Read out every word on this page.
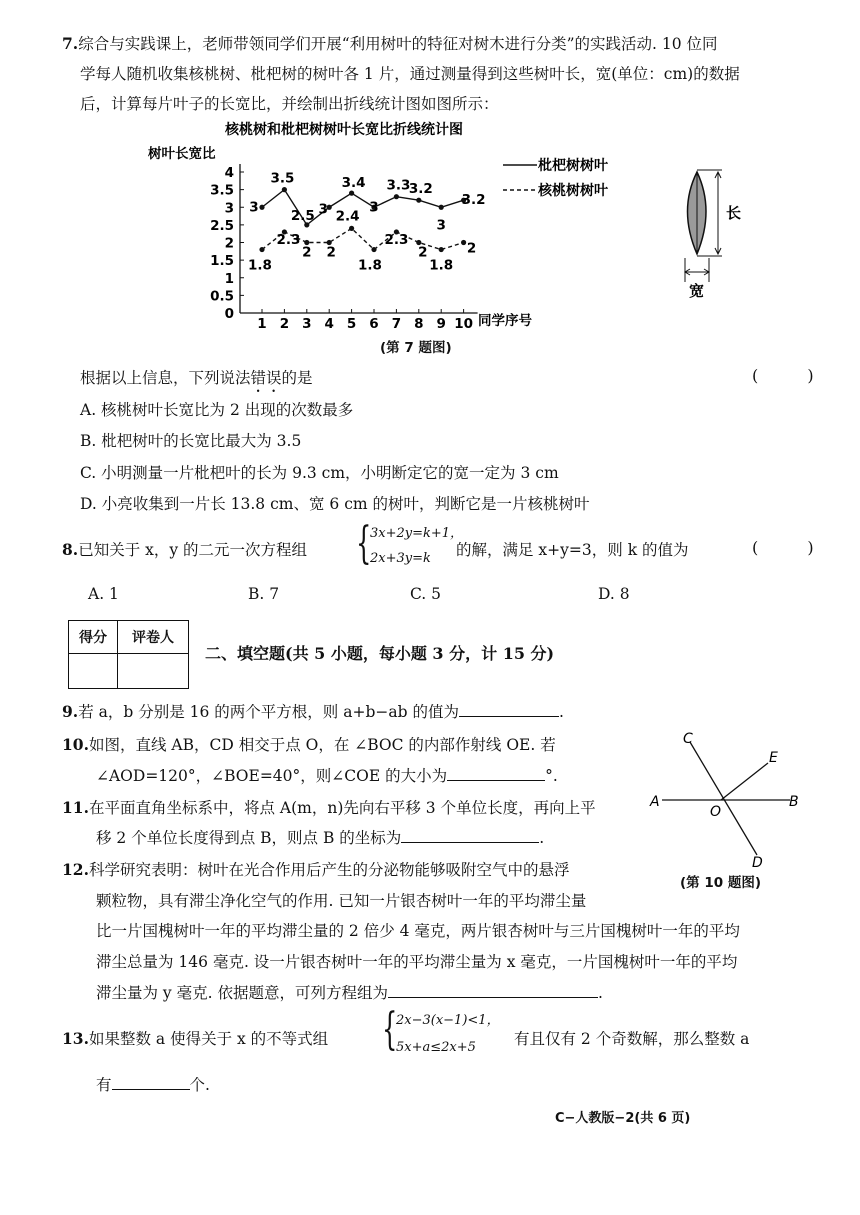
7.综合与实践课上，老师带领同学们开展“利用树叶的特征对树木进行分类”的实践活动. 10 位同
学每人随机收集核桃树、枇杷树的树叶各 1 片，通过测量得到这些树叶长，宽(单位：cm)的数据
后，计算每片叶子的长宽比，并绘制出折线统计图如图所示：
核桃树和枇杷树树叶长宽比折线统计图
树叶长宽比
同学序号
0
0.5
1
1.5
2
2.5
3
3.5
4
1 2 3 4 5 6 7 8 9 10
3
3.5
2.5 3
3.4
3
3.3
3.2
3
3.2
1.8
2.3
2 2
2.4
1.8
2.3
2
1.8
2
枇杷树树叶
核桃树树叶
长
宽
(第 7 题图)
根据以上信息，下列说法错误的是	( )
A. 核桃树叶长宽比为 2 出现的次数最多
B. 枇杷树叶的长宽比最大为 3.5
C. 小明测量一片枇杷叶的长为 9.3 cm，小明断定它的宽一定为 3 cm
D. 小亮收集到一片长 13.8 cm、宽 6 cm 的树叶，判断它是一片核桃树叶
8.已知关于 x，y 的二元一次方程组 {
3x+2y=k+1，
2x+3y=k 的解，满足 x+y=3，则 k 的值为	( )
A. 1	B. 7	C. 5	D. 8
得分	评卷人

二、填空题(共 5 小题，每小题 3 分，计 15 分)
9.若 a，b 分别是 16 的两个平方根，则 a+b−ab 的值为	.
10.如图，直线 AB，CD 相交于点 O，在 ∠BOC 的内部作射线 OE. 若
∠AOD=120°，∠BOE=40°，则∠COE 的大小为	°.
A	B
C
D
E
O
11.在平面直角坐标系中，将点 A(m，n)先向右平移 3 个单位长度，再向上平
移 2 个单位长度得到点 B，则点 B 的坐标为	.
12.科学研究表明：树叶在光合作用后产生的分泌物能够吸附空气中的悬浮
(第 10 题图)
颗粒物，具有滞尘净化空气的作用. 已知一片银杏树叶一年的平均滞尘量
比一片国槐树叶一年的平均滞尘量的 2 倍少 4 毫克，两片银杏树叶与三片国槐树叶一年的平均
滞尘总量为 146 毫克. 设一片银杏树叶一年的平均滞尘量为 x 毫克，一片国槐树叶一年的平均
滞尘量为 y 毫克. 依据题意，可列方程组为	.
13.如果整数 a 使得关于 x 的不等式组 {
2x−3(x−1)<1，
5x+a≤2x+5 有且仅有 2 个奇数解，那么整数 a
有	个.
C−人教版−2(共 6 页)
